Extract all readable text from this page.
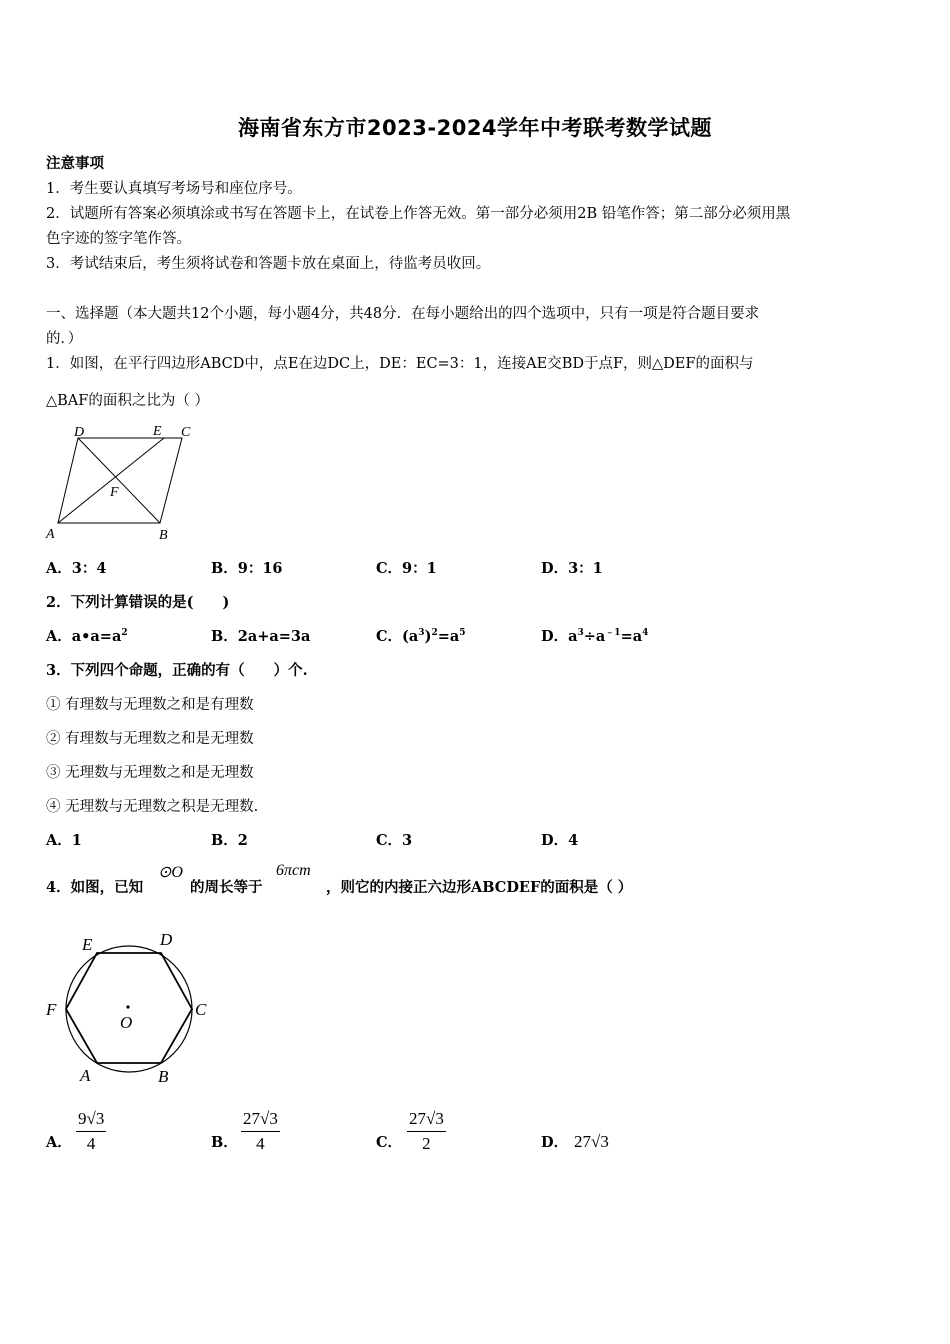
海南省东方市2023-2024学年中考联考数学试题
注意事项
1．考生要认真填写考场号和座位序号。
2．试题所有答案必须填涂或书写在答题卡上，在试卷上作答无效。第一部分必须用2B 铅笔作答；第二部分必须用黑
色字迹的签字笔作答。
3．考试结束后，考生须将试卷和答题卡放在桌面上，待监考员收回。
一、选择题（本大题共12个小题，每小题4分，共48分．在每小题给出的四个选项中，只有一项是符合题目要求
的．）
1．如图，在平行四边形ABCD中，点E在边DC上，DE：EC=3：1，连接AE交BD于点F，则△DEF的面积与
△BAF的面积之比为（ ）
D	E C
F
A	B
A．3：4	B．9：16	C．9：1	D．3：1
2．下列计算错误的是(　　)
A．$a•a=a^2$	B．2a+a=3a	C．$(a^3)^2=a^5$	D．$a^3\div a^{﹣1}=a^4$
3．下列四个命题，正确的有（　　）个.
① 有理数与无理数之和是有理数
② 有理数与无理数之和是无理数
③ 无理数与无理数之和是无理数
④ 无理数与无理数之积是无理数.
A．1	B．2	C．3	D．4
4．如图，已知
⊙O
的周长等于
6πcm
，则它的内接正六边形ABCDEF的面积是（ ）
E	D
F	C
O
A	B
A． $\frac{9√3}{4}$	B． $\frac{27√3}{4}$	C． $\frac{27√3}{2}$	D． 27√3
